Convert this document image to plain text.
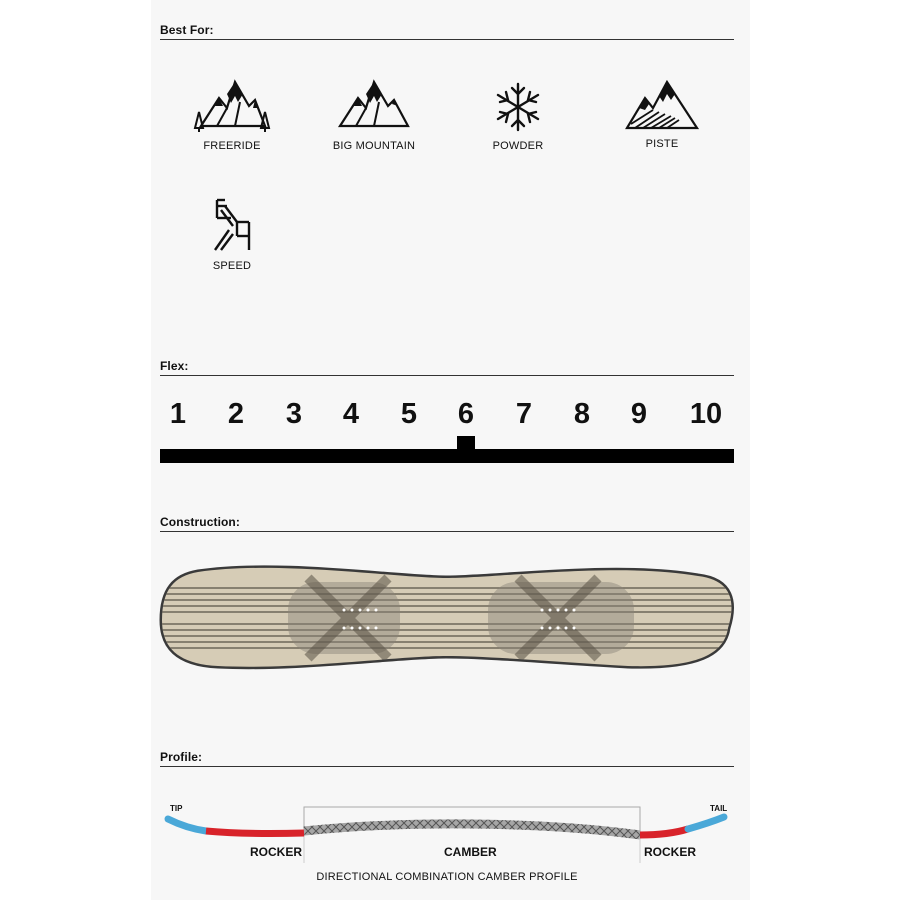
Best For:
FREERIDE	BIG MOUNTAIN	POWDER	PISTE
SPEED
Flex:
1	2	3	4	5	6	7	8	9	10
Construction:
Profile:
TIP	TAIL
ROCKER	CAMBER	ROCKER
DIRECTIONAL COMBINATION CAMBER PROFILE
